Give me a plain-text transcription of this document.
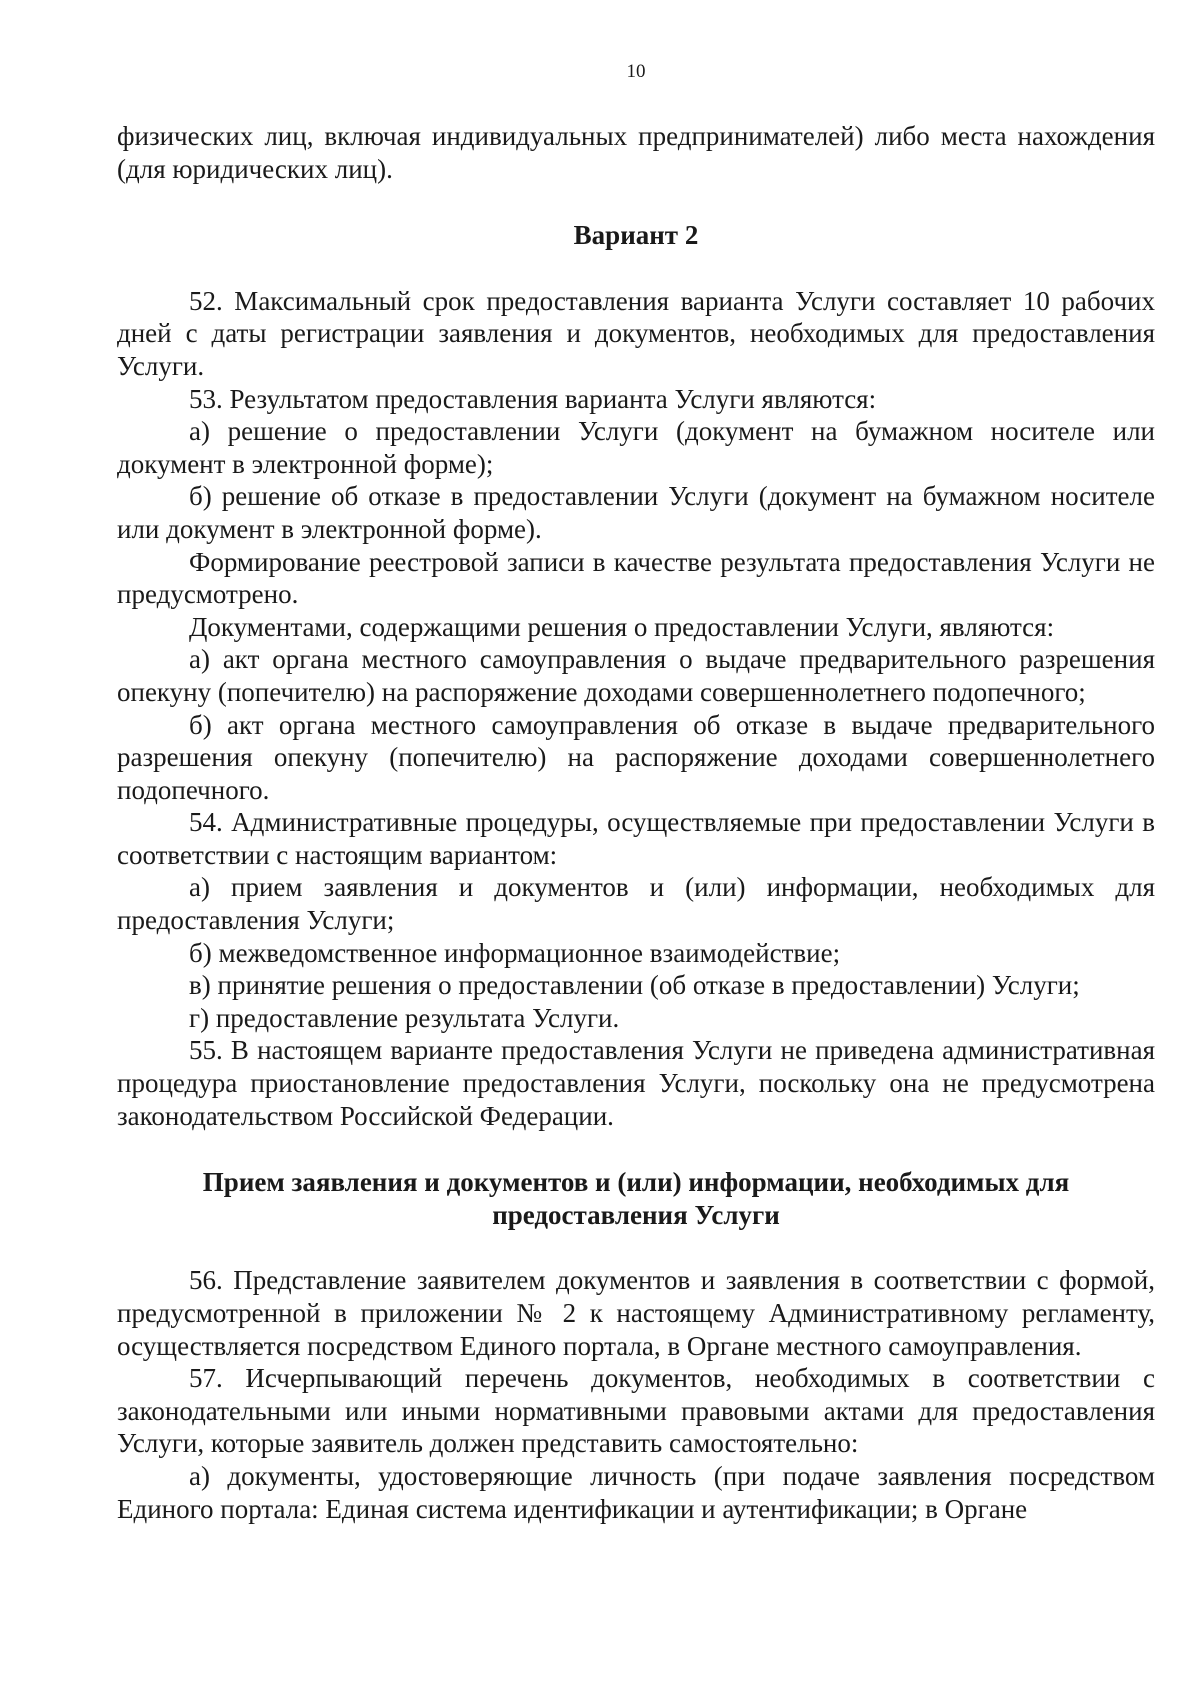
10

физических лиц, включая индивидуальных предпринимателей) либо места нахождения (для юридических лиц).

Вариант 2

52. Максимальный срок предоставления варианта Услуги составляет 10 рабочих дней с даты регистрации заявления и документов, необходимых для предоставления Услуги.

53. Результатом предоставления варианта Услуги являются:

а) решение о предоставлении Услуги (документ на бумажном носителе или документ в электронной форме);

б) решение об отказе в предоставлении Услуги (документ на бумажном носителе или документ в электронной форме).

Формирование реестровой записи в качестве результата предоставления Услуги не предусмотрено.

Документами, содержащими решения о предоставлении Услуги, являются:

а) акт органа местного самоуправления о выдаче предварительного разрешения опекуну (попечителю) на распоряжение доходами совершеннолетнего подопечного;

б) акт органа местного самоуправления об отказе в выдаче предварительного разрешения опекуну (попечителю) на распоряжение доходами совершеннолетнего подопечного.

54. Административные процедуры, осуществляемые при предоставлении Услуги в соответствии с настоящим вариантом:

а) прием заявления и документов и (или) информации, необходимых для предоставления Услуги;

б) межведомственное информационное взаимодействие;

в) принятие решения о предоставлении (об отказе в предоставлении) Услуги;

г) предоставление результата Услуги.

55. В настоящем варианте предоставления Услуги не приведена административная процедура приостановление предоставления Услуги, поскольку она не предусмотрена законодательством Российской Федерации.

Прием заявления и документов и (или) информации, необходимых для

предоставления Услуги

56. Представление заявителем документов и заявления в соответствии с формой, предусмотренной в приложении № 2 к настоящему Административному регламенту, осуществляется посредством Единого портала, в Органе местного самоуправления.

57. Исчерпывающий перечень документов, необходимых в соответствии с законодательными или иными нормативными правовыми актами для предоставления Услуги, которые заявитель должен представить самостоятельно:

а) документы, удостоверяющие личность (при подаче заявления посредством Единого портала: Единая система идентификации и аутентификации; в Органе
